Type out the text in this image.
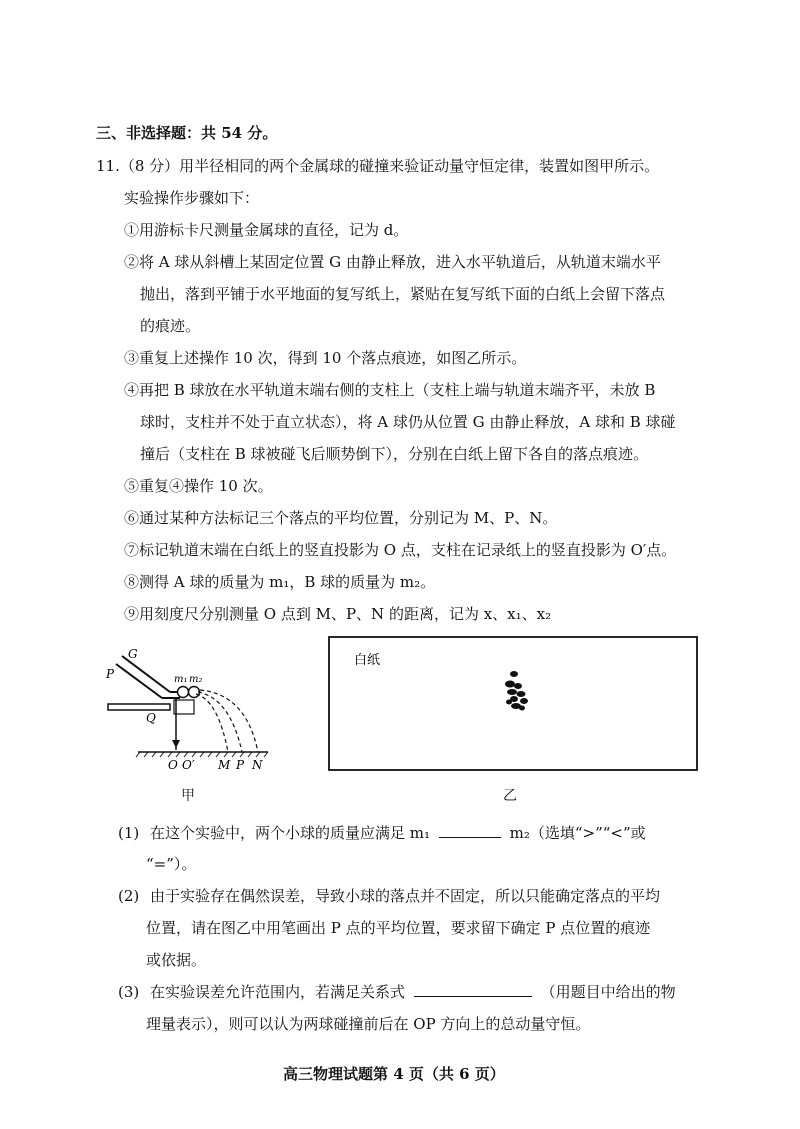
三、非选择题：共 54 分。
11.（8 分）用半径相同的两个金属球的碰撞来验证动量守恒定律，装置如图甲所示。
实验操作步骤如下：
①用游标卡尺测量金属球的直径，记为 d。
②将 A 球从斜槽上某固定位置 G 由静止释放，进入水平轨道后，从轨道末端水平
抛出，落到平铺于水平地面的复写纸上，紧贴在复写纸下面的白纸上会留下落点
的痕迹。
③重复上述操作 10 次，得到 10 个落点痕迹，如图乙所示。
④再把 B 球放在水平轨道末端右侧的支柱上（支柱上端与轨道末端齐平，未放 B
球时，支柱并不处于直立状态），将 A 球仍从位置 G 由静止释放，A 球和 B 球碰
撞后（支柱在 B 球被碰飞后顺势倒下），分别在白纸上留下各自的落点痕迹。
⑤重复④操作 10 次。
⑥通过某种方法标记三个落点的平均位置，分别记为 M、P、N。
⑦标记轨道末端在白纸上的竖直投影为 O 点，支柱在记录纸上的竖直投影为 O′点。
⑧测得 A 球的质量为 m₁，B 球的质量为 m₂。
⑨用刻度尺分别测量 O 点到 M、P、N 的距离，记为 x、x₁、x₂
G
P
Q
m₁ m₂
O O′ M P N
甲
白纸
乙
(1) 在这个实验中，两个小球的质量应满足 m₁	m₂（选填“>”“<”或
“=”）。
(2) 由于实验存在偶然误差，导致小球的落点并不固定，所以只能确定落点的平均
位置，请在图乙中用笔画出 P 点的平均位置，要求留下确定 P 点位置的痕迹
或依据。
(3) 在实验误差允许范围内，若满足关系式	（用题目中给出的物
理量表示），则可以认为两球碰撞前后在 OP 方向上的总动量守恒。
高三物理试题第 4 页（共 6 页）
